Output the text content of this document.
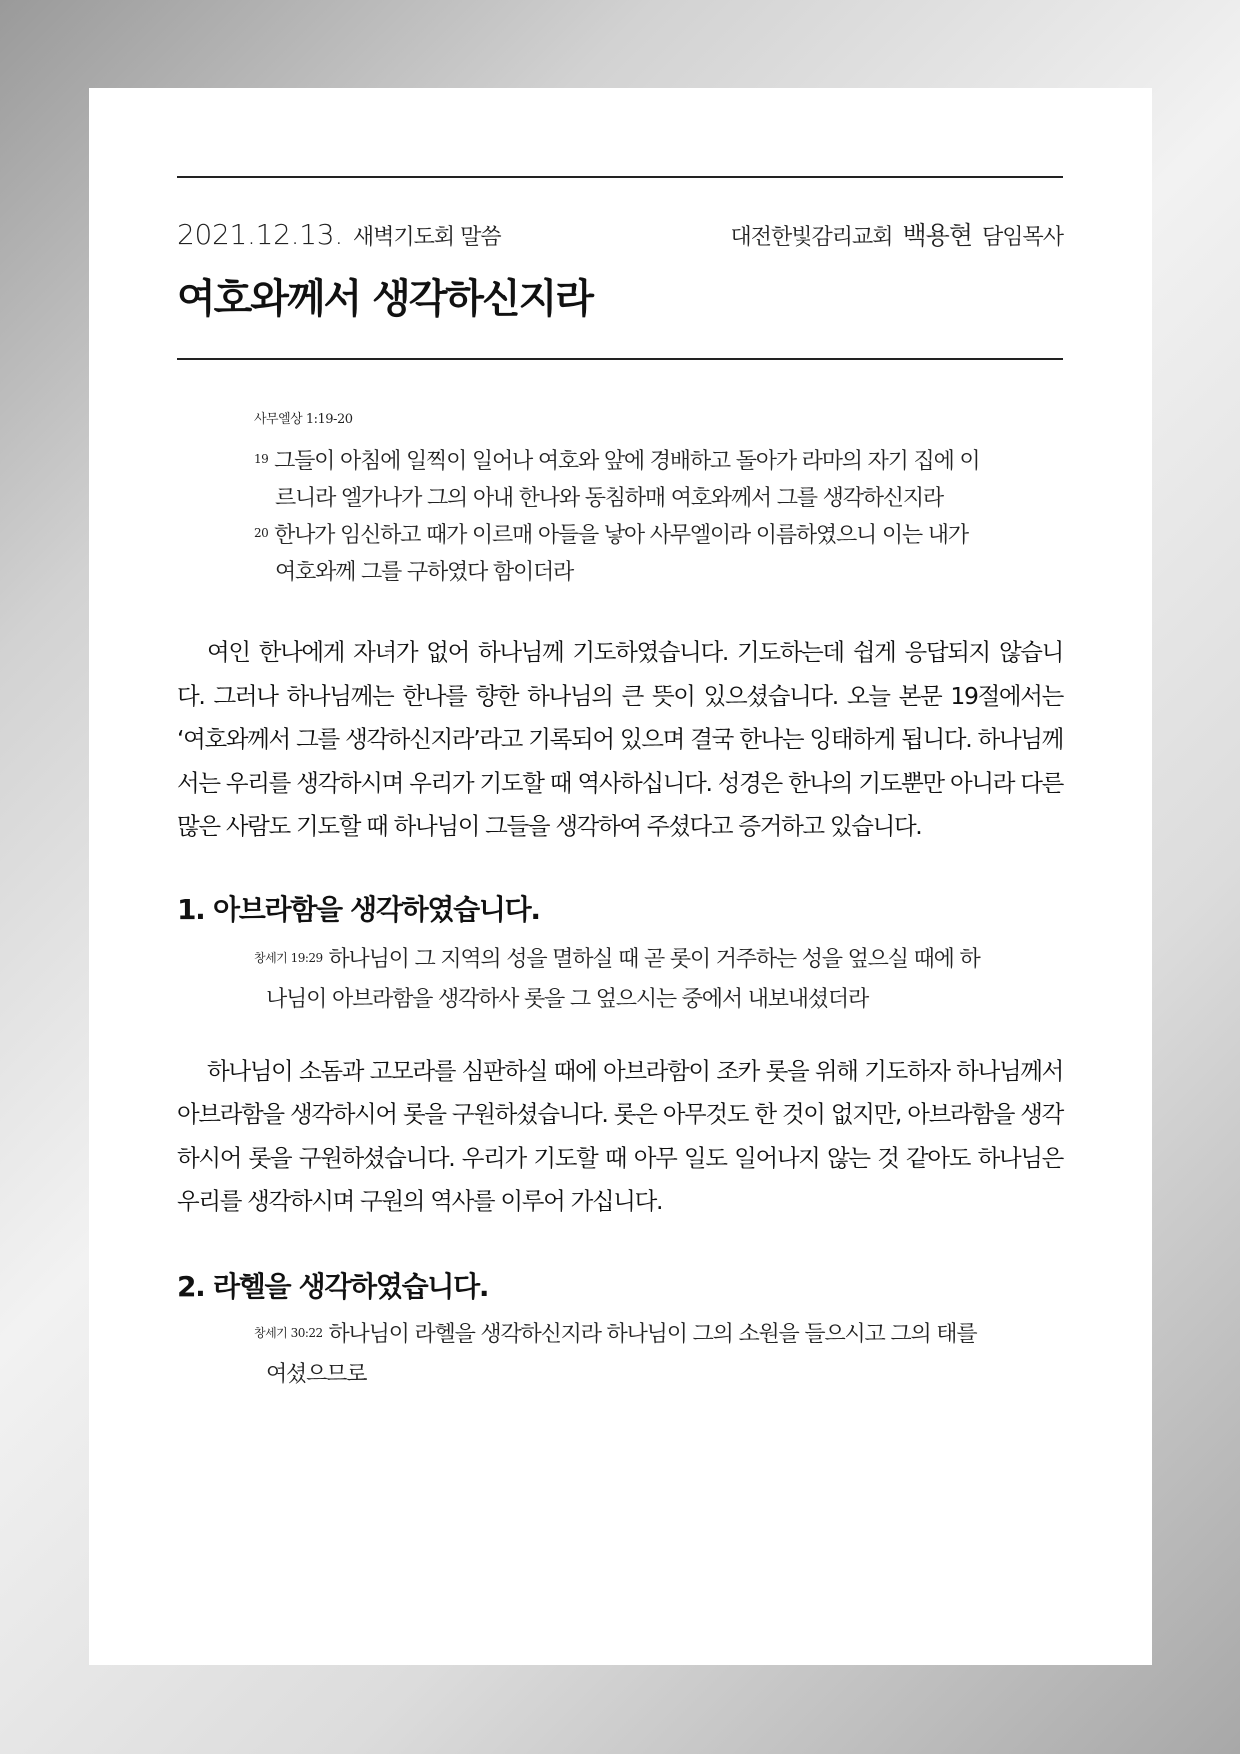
2021.12.13. 새벽기도회 말씀	대전한빛감리교회 백용현 담임목사
여호와께서 생각하신지라
사무엘상 1:19-20
$^{19}$ 그들이 아침에 일찍이 일어나 여호와 앞에 경배하고 돌아가 라마의 자기 집에 이르니라 엘가나가 그의 아내 한나와 동침하매 여호와께서 그를 생각하신지라
$^{20}$ 한나가 임신하고 때가 이르매 아들을 낳아 사무엘이라 이름하였으니 이는 내가 여호와께 그를 구하였다 함이더라

여인 한나에게 자녀가 없어 하나님께 기도하였습니다. 기도하는데 쉽게 응답되지 않습니다. 그러나 하나님께는 한나를 향한 하나님의 큰 뜻이 있으셨습니다. 오늘 본문 19절에서는 ‘여호와께서 그를 생각하신지라’라고 기록되어 있으며 결국 한나는 잉태하게 됩니다. 하나님께서는 우리를 생각하시며 우리가 기도할 때 역사하십니다. 성경은 한나의 기도뿐만 아니라 다른 많은 사람도 기도할 때 하나님이 그들을 생각하여 주셨다고 증거하고 있습니다.

1. 아브라함을 생각하였습니다.
$^{창세기 19:29}$ 하나님이 그 지역의 성을 멸하실 때 곧 롯이 거주하는 성을 엎으실 때에 하나님이 아브라함을 생각하사 롯을 그 엎으시는 중에서 내보내셨더라

하나님이 소돔과 고모라를 심판하실 때에 아브라함이 조카 롯을 위해 기도하자 하나님께서 아브라함을 생각하시어 롯을 구원하셨습니다. 롯은 아무것도 한 것이 없지만, 아브라함을 생각하시어 롯을 구원하셨습니다. 우리가 기도할 때 아무 일도 일어나지 않는 것 같아도 하나님은 우리를 생각하시며 구원의 역사를 이루어 가십니다.

2. 라헬을 생각하였습니다.
$^{창세기 30:22}$ 하나님이 라헬을 생각하신지라 하나님이 그의 소원을 들으시고 그의 태를 여셨으므로
